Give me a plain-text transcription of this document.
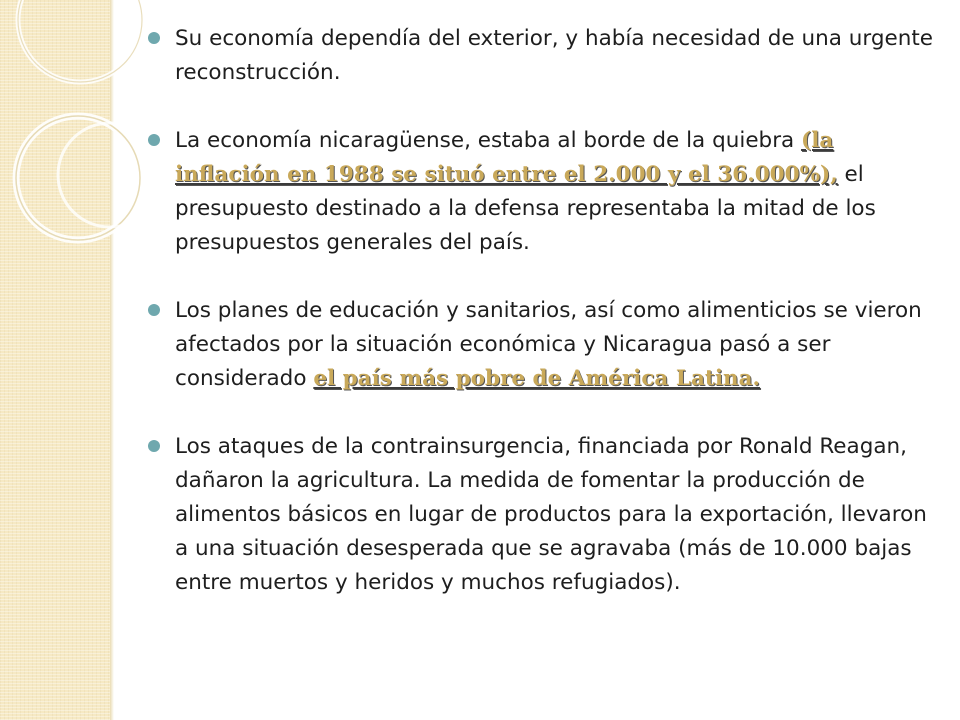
Su economía dependía del exterior, y había necesidad de una urgente reconstrucción.
La economía nicaragüense, estaba al borde de la quiebra (la inflación en 1988 se situó entre el 2.000 y el 36.000%), el presupuesto destinado a la defensa representaba la mitad de los presupuestos generales del país.
Los planes de educación y sanitarios, así como alimenticios se vieron afectados por la situación económica y Nicaragua pasó a ser considerado el país más pobre de América Latina.
Los ataques de la contrainsurgencia, financiada por Ronald Reagan, dañaron la agricultura. La medida de fomentar la producción de alimentos básicos en lugar de productos para la exportación, llevaron a una situación desesperada que se agravaba (más de 10.000 bajas entre muertos y heridos y muchos refugiados).
